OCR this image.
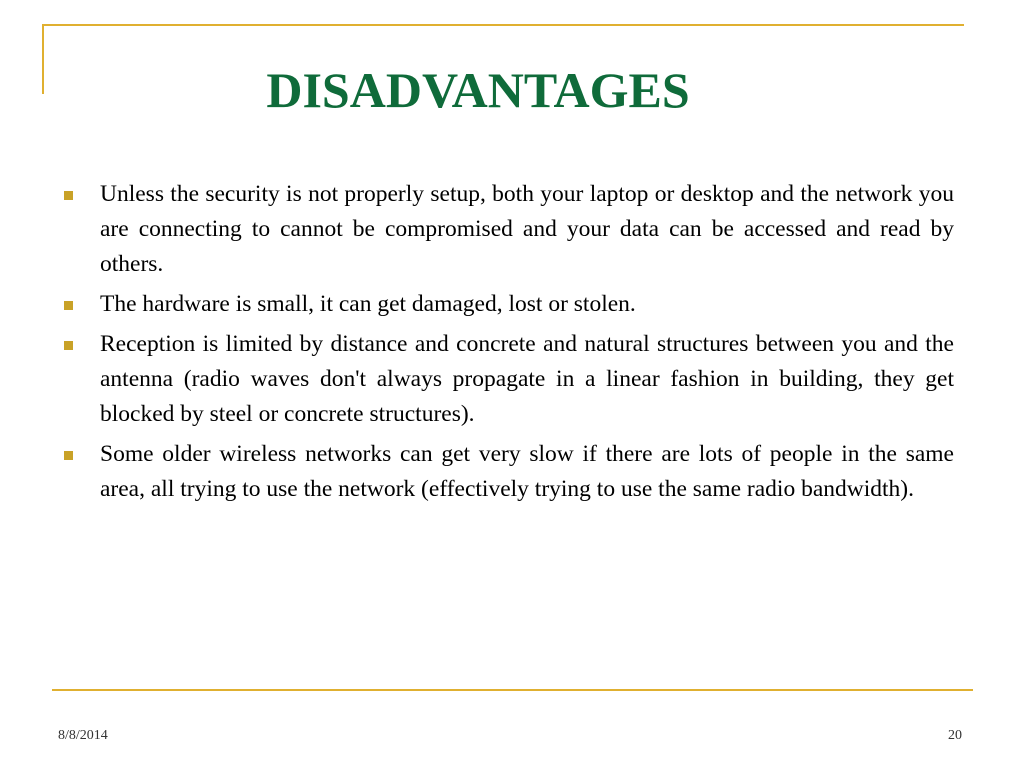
DISADVANTAGES
Unless the security is not properly setup, both your laptop or desktop and the network you are connecting to cannot be compromised and your data can be accessed and read by others.
The hardware is small, it can get damaged, lost or stolen.
Reception is limited by distance and concrete and natural structures between you and the antenna (radio waves don't always propagate in a linear fashion in building, they get blocked by steel or concrete structures).
Some older wireless networks can get very slow if there are lots of people in the same area, all trying to use the network (effectively trying to use the same radio bandwidth).
8/8/2014	20
